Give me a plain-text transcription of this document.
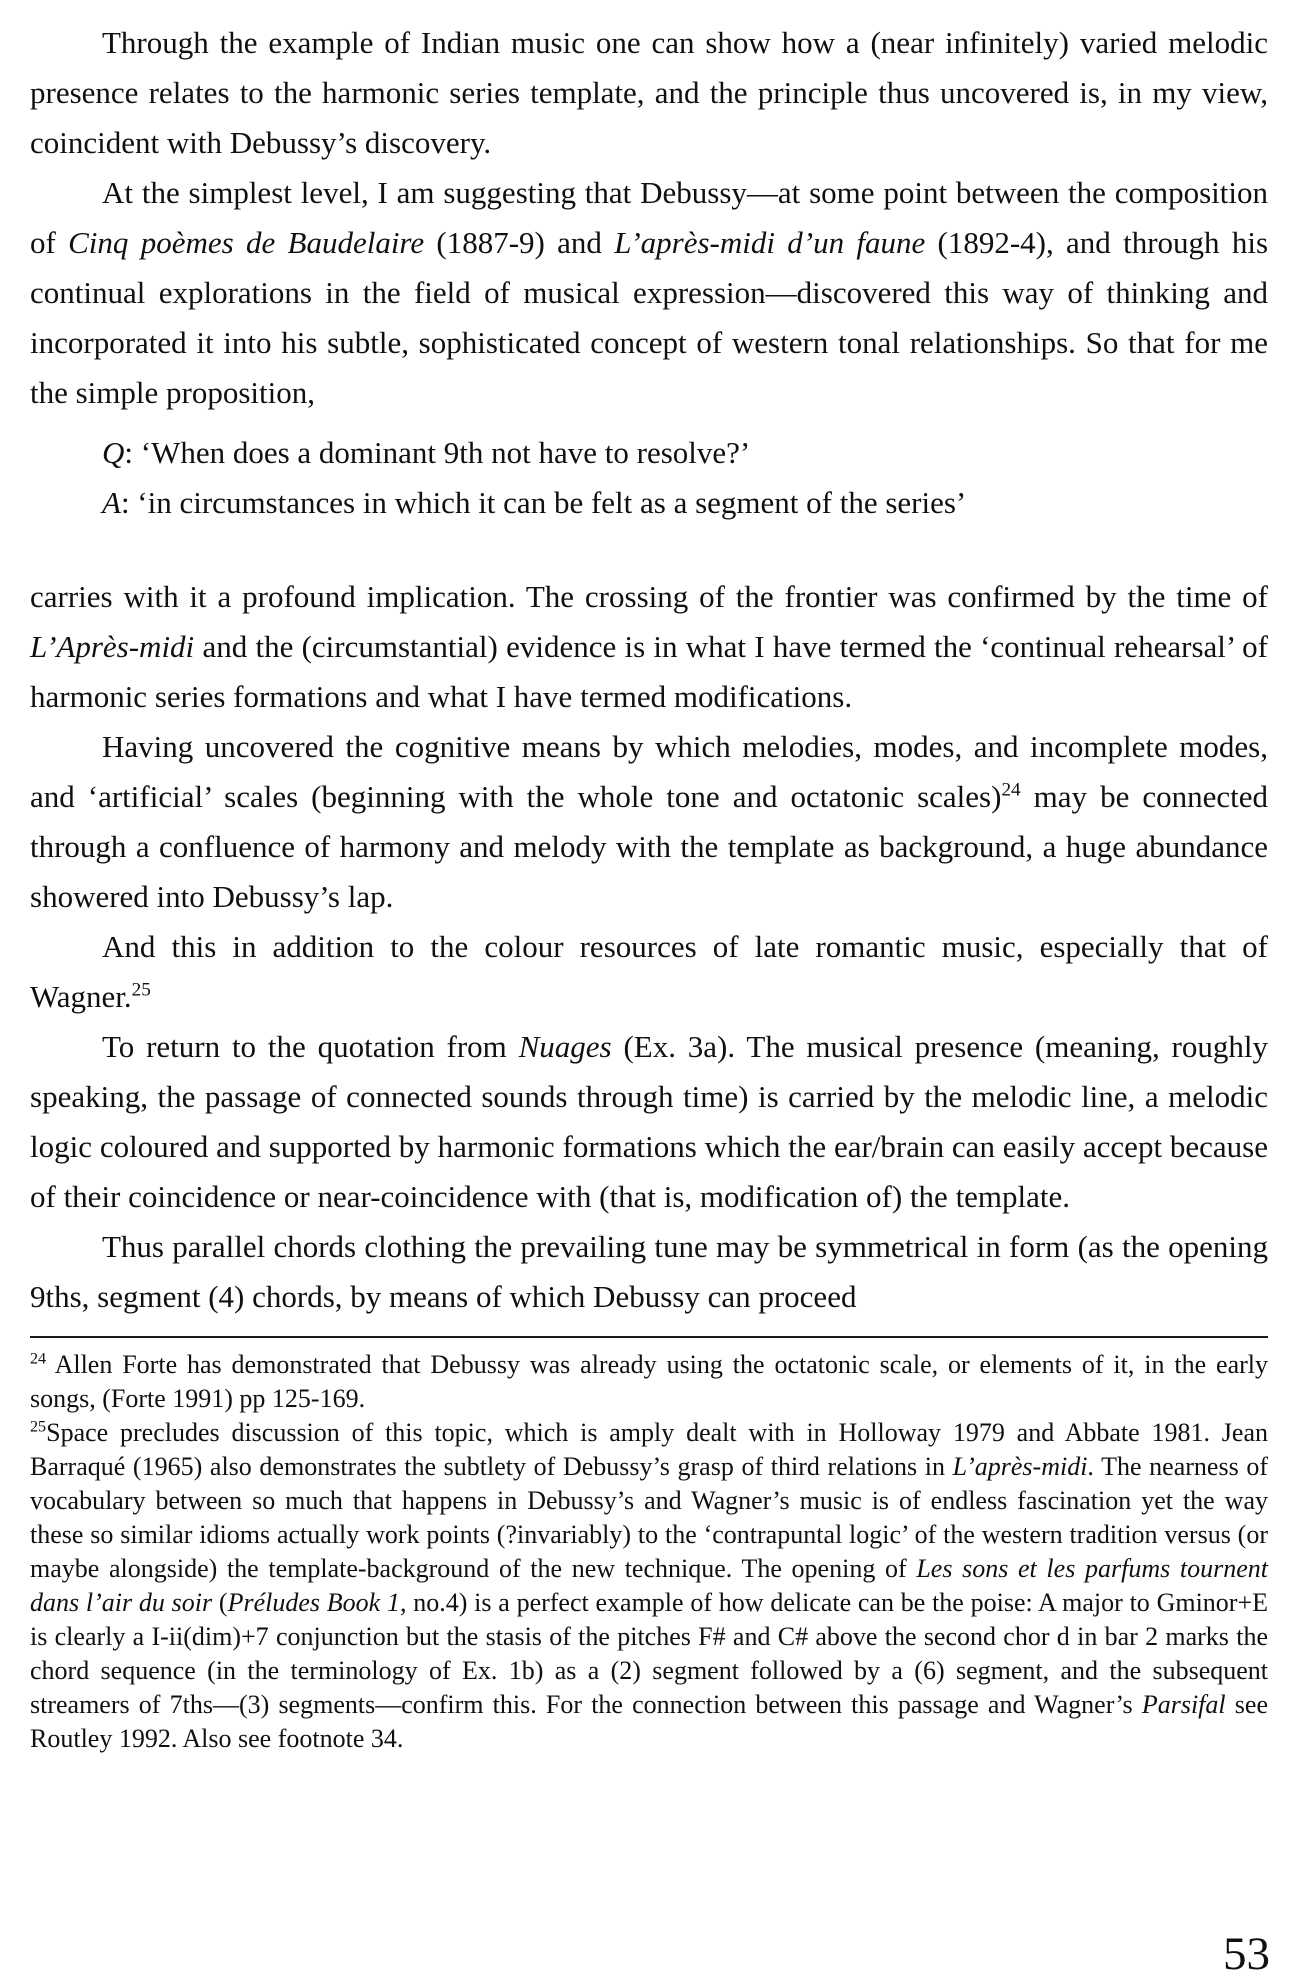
Through the example of Indian music one can show how a (near infinitely) varied melodic presence relates to the harmonic series template, and the principle thus uncovered is, in my view, coincident with Debussy’s discovery.

At the simplest level, I am suggesting that Debussy—at some point between the composition of Cinq poèmes de Baudelaire (1887-9) and L’après-midi d’un faune (1892-4), and through his continual explorations in the field of musical expression—discovered this way of thinking and incorporated it into his subtle, sophisticated concept of western tonal relationships. So that for me the simple proposition,

Q: ‘When does a dominant 9th not have to resolve?’
A: ‘in circumstances in which it can be felt as a segment of the series’

carries with it a profound implication. The crossing of the frontier was confirmed by the time of L’Après-midi and the (circumstantial) evidence is in what I have termed the ‘continual rehearsal’ of harmonic series formations and what I have termed modifications.

Having uncovered the cognitive means by which melodies, modes, and incomplete modes, and ‘artificial’ scales (beginning with the whole tone and octatonic scales)$^{24}$ may be connected through a confluence of harmony and melody with the template as background, a huge abundance showered into Debussy’s lap.

And this in addition to the colour resources of late romantic music, especially that of Wagner.$^{25}$

To return to the quotation from Nuages (Ex. 3a). The musical presence (meaning, roughly speaking, the passage of connected sounds through time) is carried by the melodic line, a melodic logic coloured and supported by harmonic formations which the ear/brain can easily accept because of their coincidence or near-coincidence with (that is, modification of) the template.

Thus parallel chords clothing the prevailing tune may be symmetrical in form (as the opening 9ths, segment (4) chords, by means of which Debussy can proceed

$^{24}$ Allen Forte has demonstrated that Debussy was already using the octatonic scale, or elements of it, in the early songs, (Forte 1991) pp 125-169.

$^{25}$Space precludes discussion of this topic, which is amply dealt with in Holloway 1979 and Abbate 1981. Jean Barraqué (1965) also demonstrates the subtlety of Debussy’s grasp of third relations in L’après-midi. The nearness of vocabulary between so much that happens in Debussy’s and Wagner’s music is of endless fascination yet the way these so similar idioms actually work points (?invariably) to the ‘contrapuntal logic’ of the western tradition versus (or maybe alongside) the template-background of the new technique. The opening of Les sons et les parfums tournent dans l’air du soir (Préludes Book 1, no.4) is a perfect example of how delicate can be the poise: A major to Gminor+E is clearly a I-ii(dim)+7 conjunction but the stasis of the pitches F# and C# above the second chor d in bar 2 marks the chord sequence (in the terminology of Ex. 1b) as a (2) segment followed by a (6) segment, and the subsequent streamers of 7ths—(3) segments—confirm this. For the connection between this passage and Wagner’s Parsifal see Routley 1992. Also see footnote 34.

53
